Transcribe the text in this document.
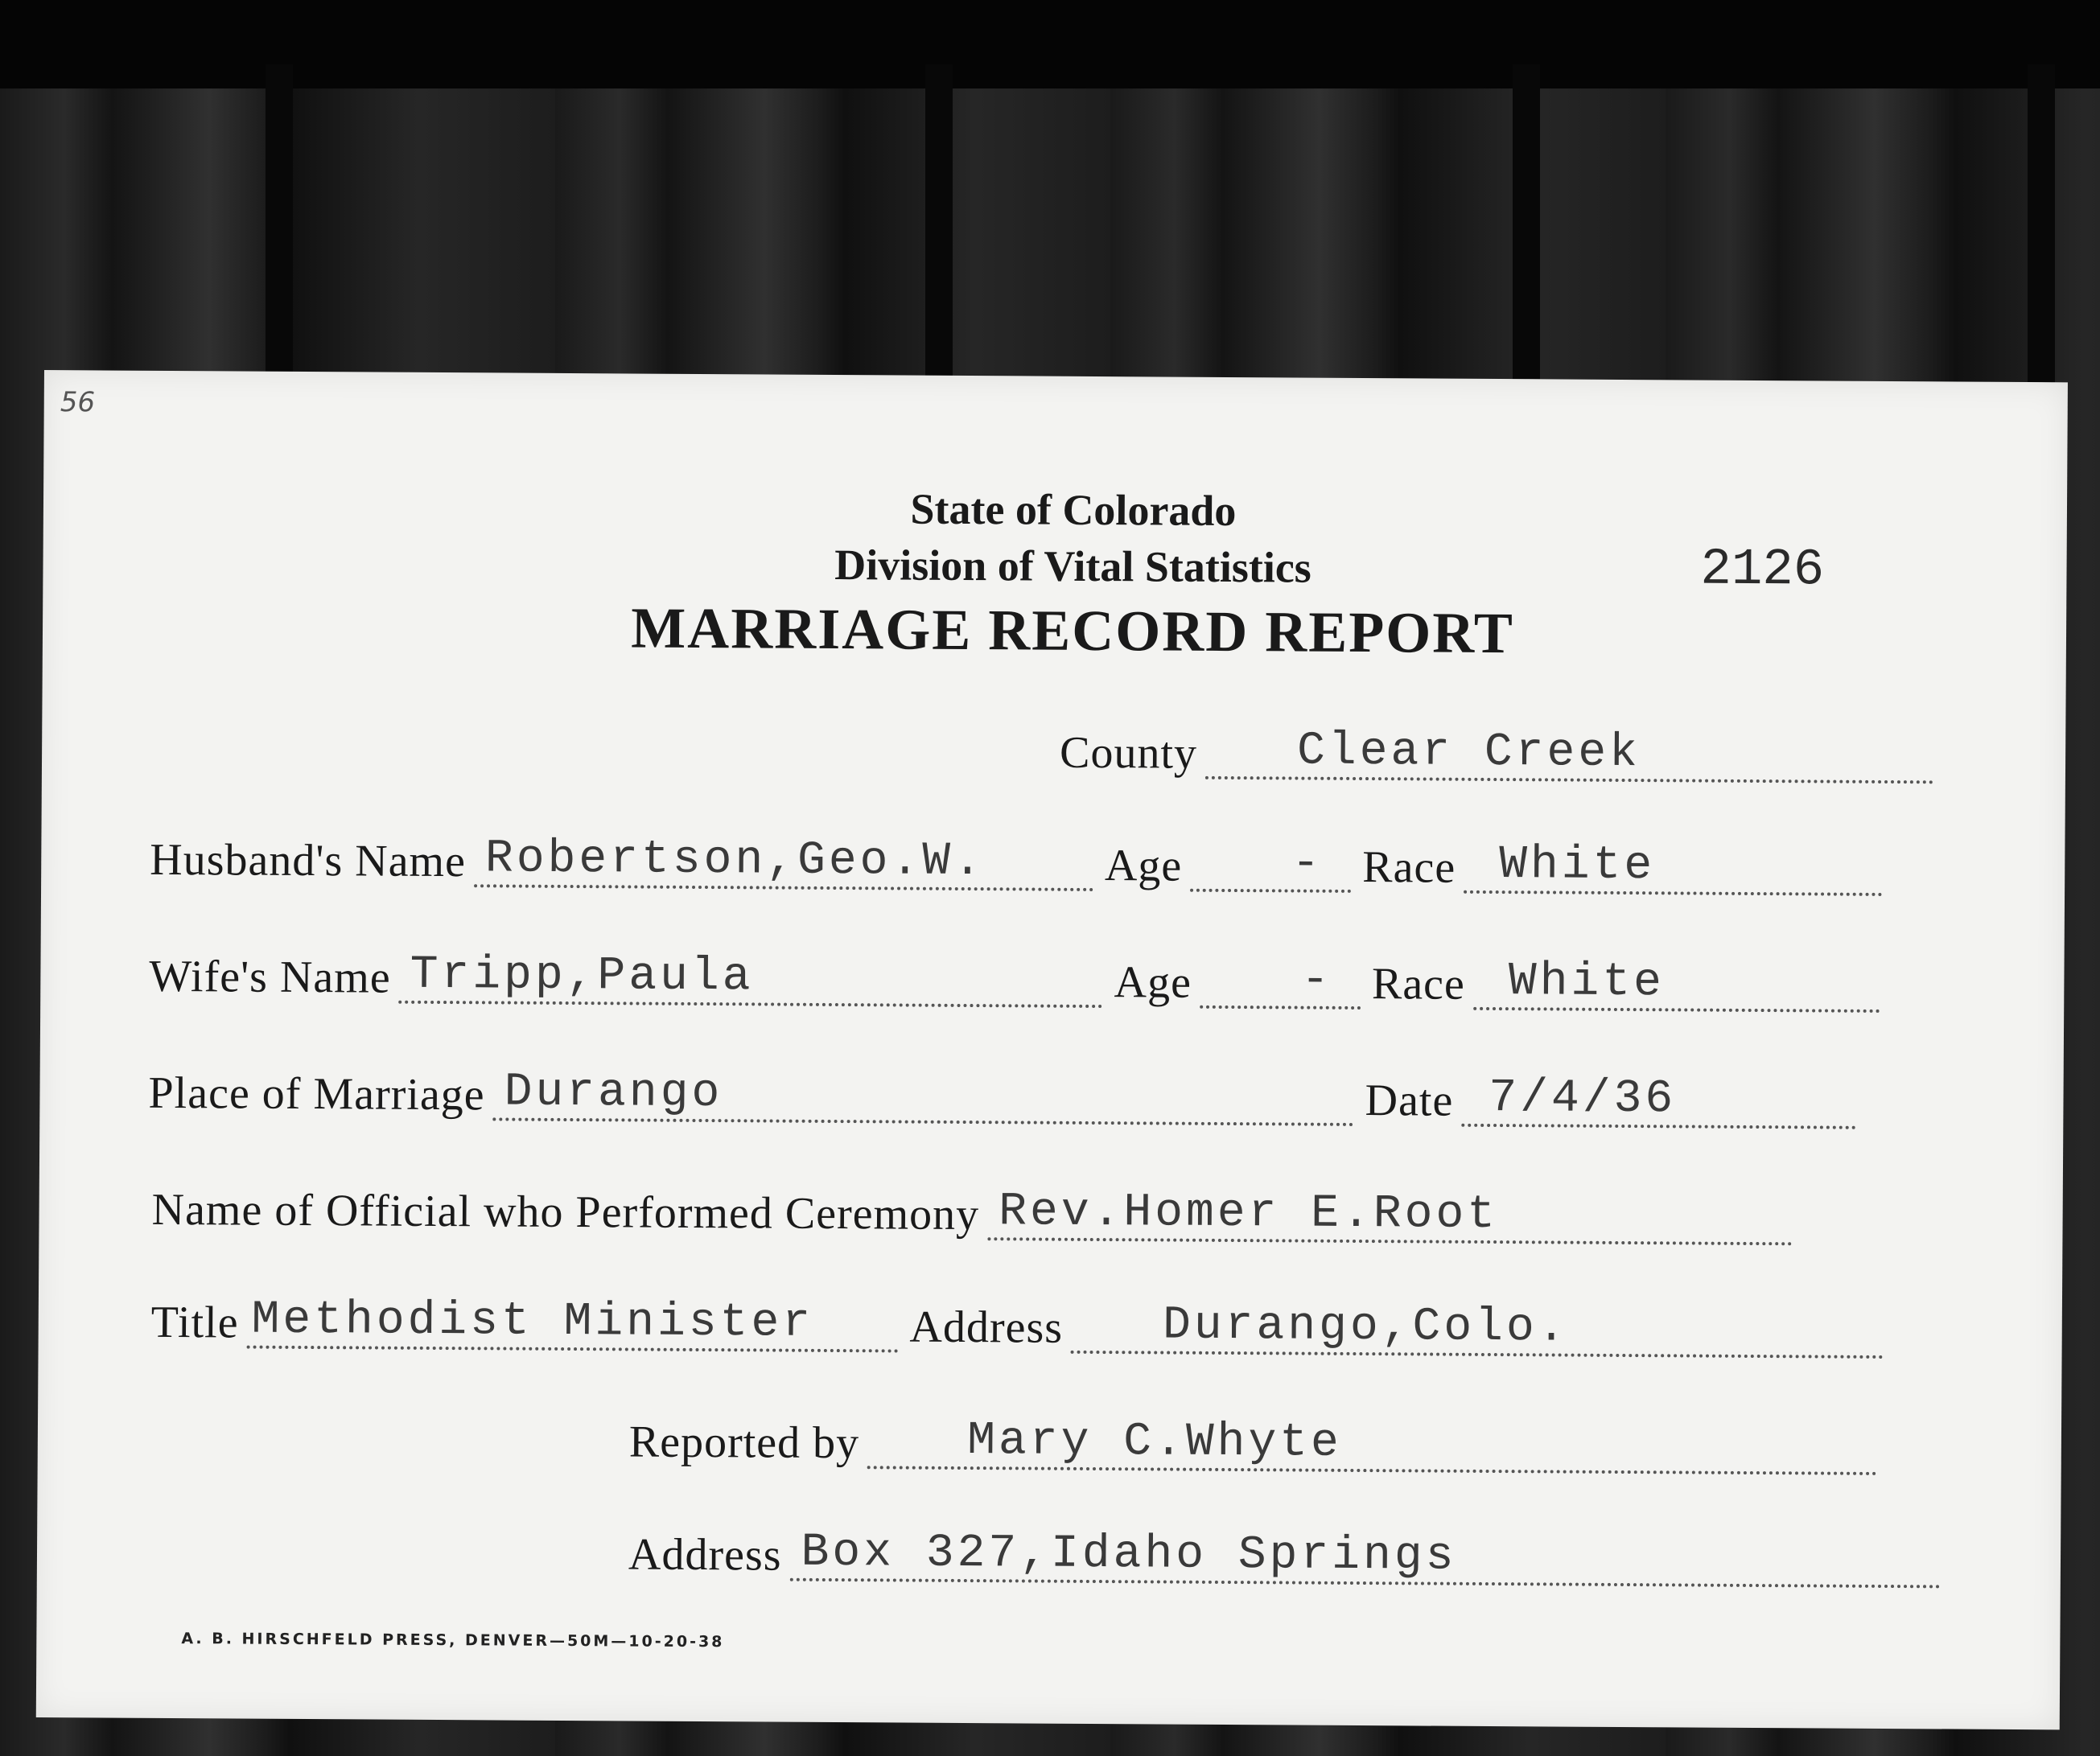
56
State of Colorado
Division of Vital Statistics
MARRIAGE RECORD REPORT
2126
County	Clear Creek
Husband's Name Robertson,Geo.W.	Age - Race White
Wife's Name Tripp,Paula	Age - Race White
Place of Marriage Durango	Date 7/4/36
Name of Official who Performed Ceremony Rev.Homer E.Root
Title Methodist Minister Address	Durango,Colo.
Reported by	Mary C.Whyte
Address Box 327,Idaho Springs
A. B. HIRSCHFELD PRESS, DENVER—50M—10-20-38
